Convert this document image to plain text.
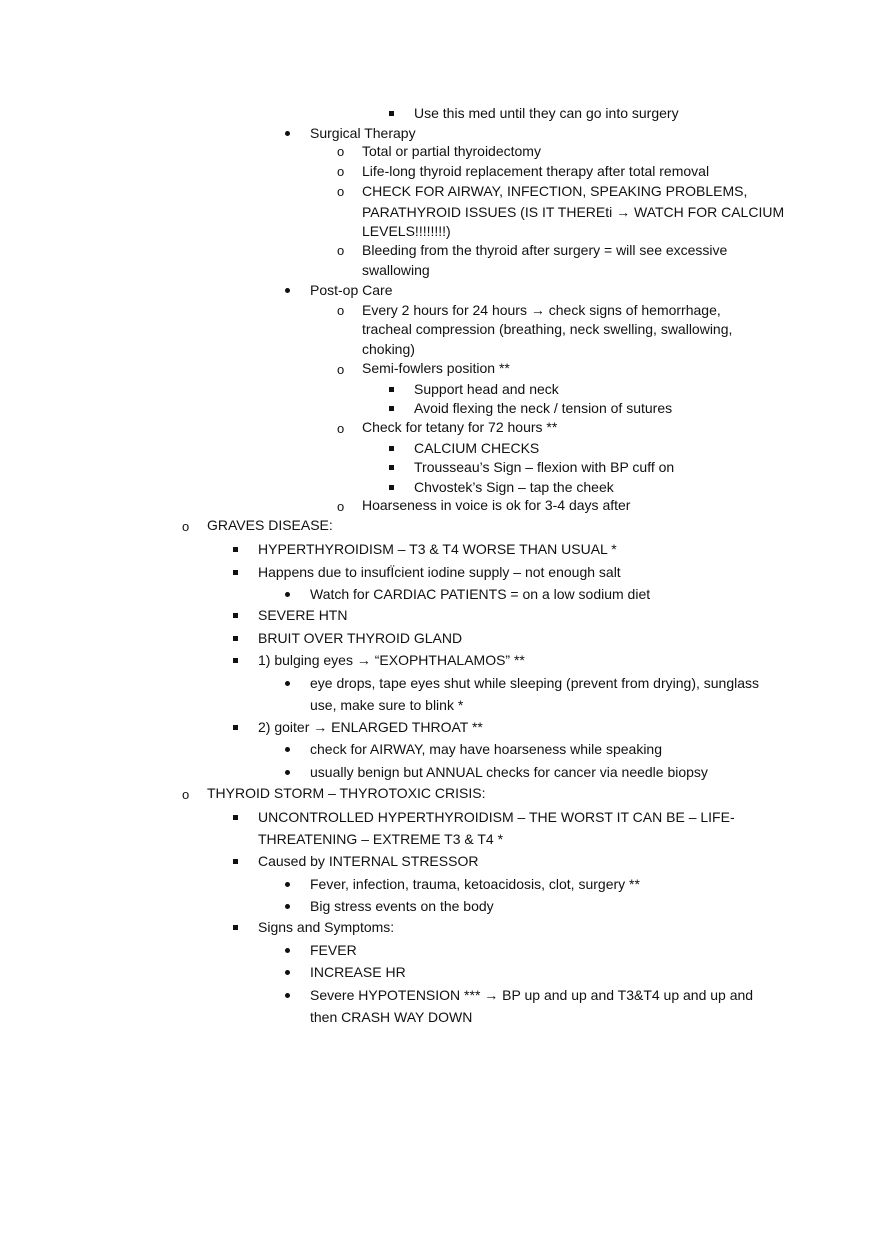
o
o
o
o
o
o
o
o
o
o
Use this med until they can go into surgery
Surgical Therapy
Total or partial thyroidectomy
Life-long thyroid replacement therapy after total removal
CHECK FOR AIRWAY, INFECTION, SPEAKING PROBLEMS,
PARATHYROID ISSUES (IS IT THEREti → WATCH FOR CALCIUM
LEVELS!!!!!!!!)
Bleeding from the thyroid after surgery = will see excessive
swallowing
Post-op Care
Every 2 hours for 24 hours → check signs of hemorrhage,
tracheal compression (breathing, neck swelling, swallowing,
choking)
Semi-fowlers position **
Support head and neck
Avoid flexing the neck / tension of sutures
Check for tetany for 72 hours **
CALCIUM CHECKS
Trousseau’s Sign – flexion with BP cuff on
Chvostek’s Sign – tap the cheek
Hoarseness in voice is ok for 3-4 days after
GRAVES DISEASE:
HYPERTHYROIDISM – T3 & T4 WORSE THAN USUAL *
Happens due to insufÏcient iodine supply – not enough salt
Watch for CARDIAC PATIENTS = on a low sodium diet
SEVERE HTN
BRUIT OVER THYROID GLAND
1) bulging eyes → “EXOPHTHALAMOS” **
eye drops, tape eyes shut while sleeping (prevent from drying), sunglass
use, make sure to blink *
2) goiter → ENLARGED THROAT **
check for AIRWAY, may have hoarseness while speaking
usually benign but ANNUAL checks for cancer via needle biopsy
THYROID STORM – THYROTOXIC CRISIS:
UNCONTROLLED HYPERTHYROIDISM – THE WORST IT CAN BE – LIFE-
THREATENING – EXTREME T3 & T4 *
Caused by INTERNAL STRESSOR
Fever, infection, trauma, ketoacidosis, clot, surgery **
Big stress events on the body
Signs and Symptoms:
FEVER
INCREASE HR
Severe HYPOTENSION *** → BP up and up and T3&T4 up and up and
then CRASH WAY DOWN
